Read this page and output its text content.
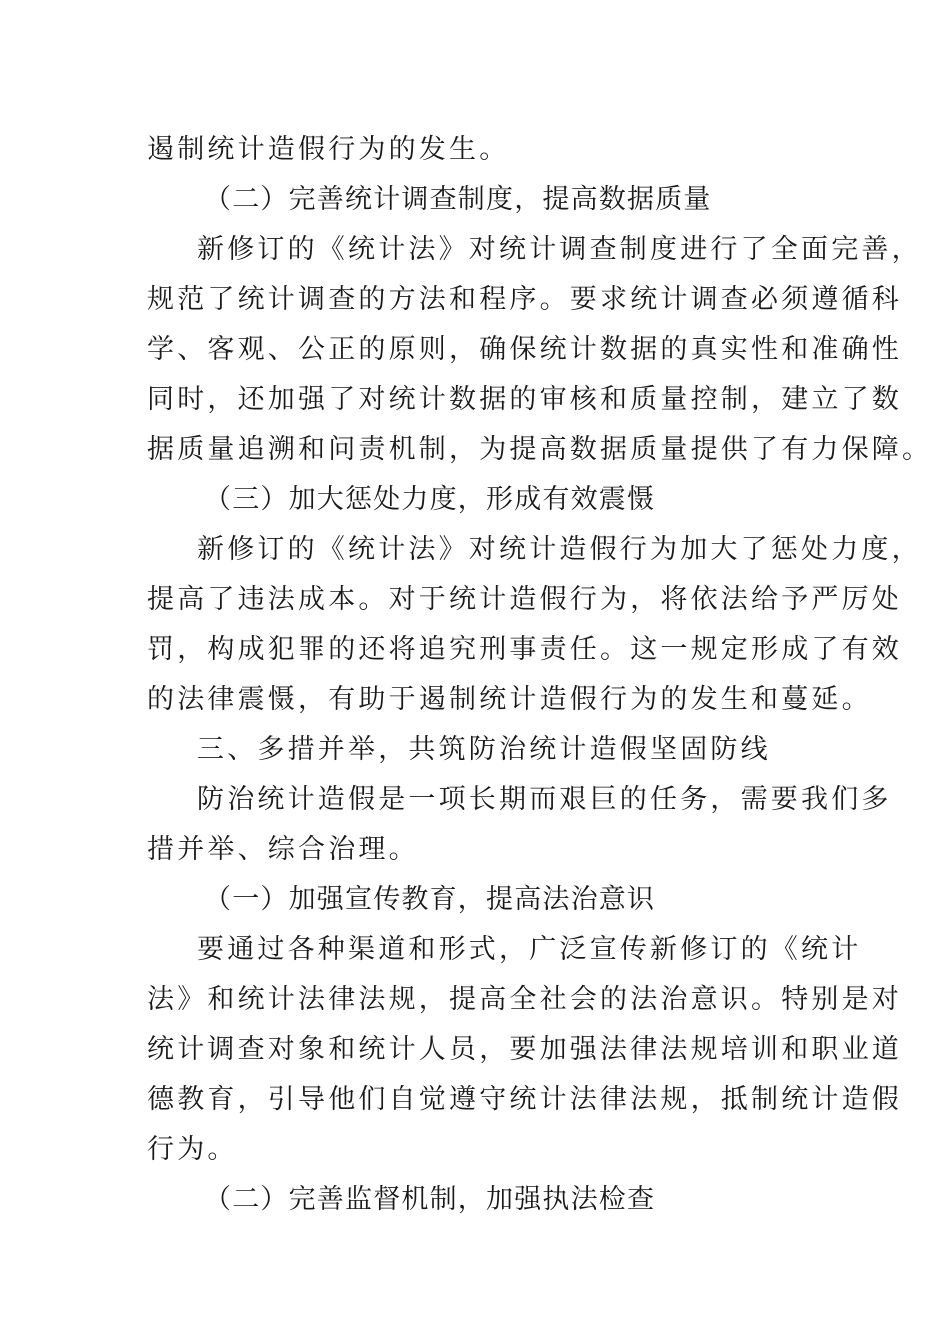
遏制统计造假行为的发生。
（二）完善统计调查制度，提高数据质量
新修订的《统计法》对统计调查制度进行了全面完善，
规范了统计调查的方法和程序。要求统计调查必须遵循科
学、客观、公正的原则，确保统计数据的真实性和准确性
同时，还加强了对统计数据的审核和质量控制，建立了数
据质量追溯和问责机制，为提高数据质量提供了有力保障。
（三）加大惩处力度，形成有效震慑
新修订的《统计法》对统计造假行为加大了惩处力度，
提高了违法成本。对于统计造假行为，将依法给予严厉处
罚，构成犯罪的还将追究刑事责任。这一规定形成了有效
的法律震慑，有助于遏制统计造假行为的发生和蔓延。
三、多措并举，共筑防治统计造假坚固防线
防治统计造假是一项长期而艰巨的任务，需要我们多
措并举、综合治理。
（一）加强宣传教育，提高法治意识
要通过各种渠道和形式，广泛宣传新修订的《统计
法》和统计法律法规，提高全社会的法治意识。特别是对
统计调查对象和统计人员，要加强法律法规培训和职业道
德教育，引导他们自觉遵守统计法律法规，抵制统计造假
行为。
（二）完善监督机制，加强执法检查
